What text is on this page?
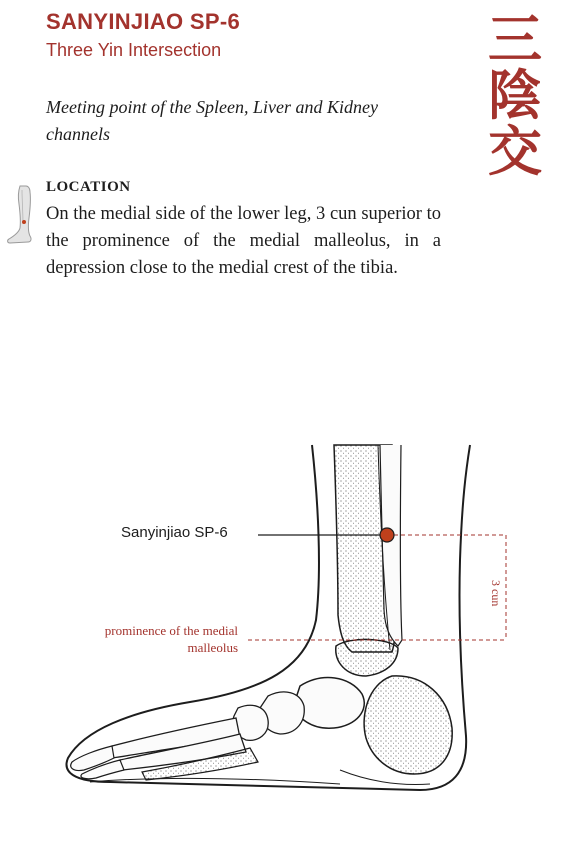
SANYINJIAO SP-6
Three Yin Intersection	三
陰
交
Meeting point of the Spleen, Liver and Kidney channels
LOCATION
On the medial side of the lower leg, 3 cun superior to the prominence of the medial malleolus, in a depression close to the medial crest of the tibia.
Sanyinjiao SP-6
prominence of the medial malleolus
3 cun
